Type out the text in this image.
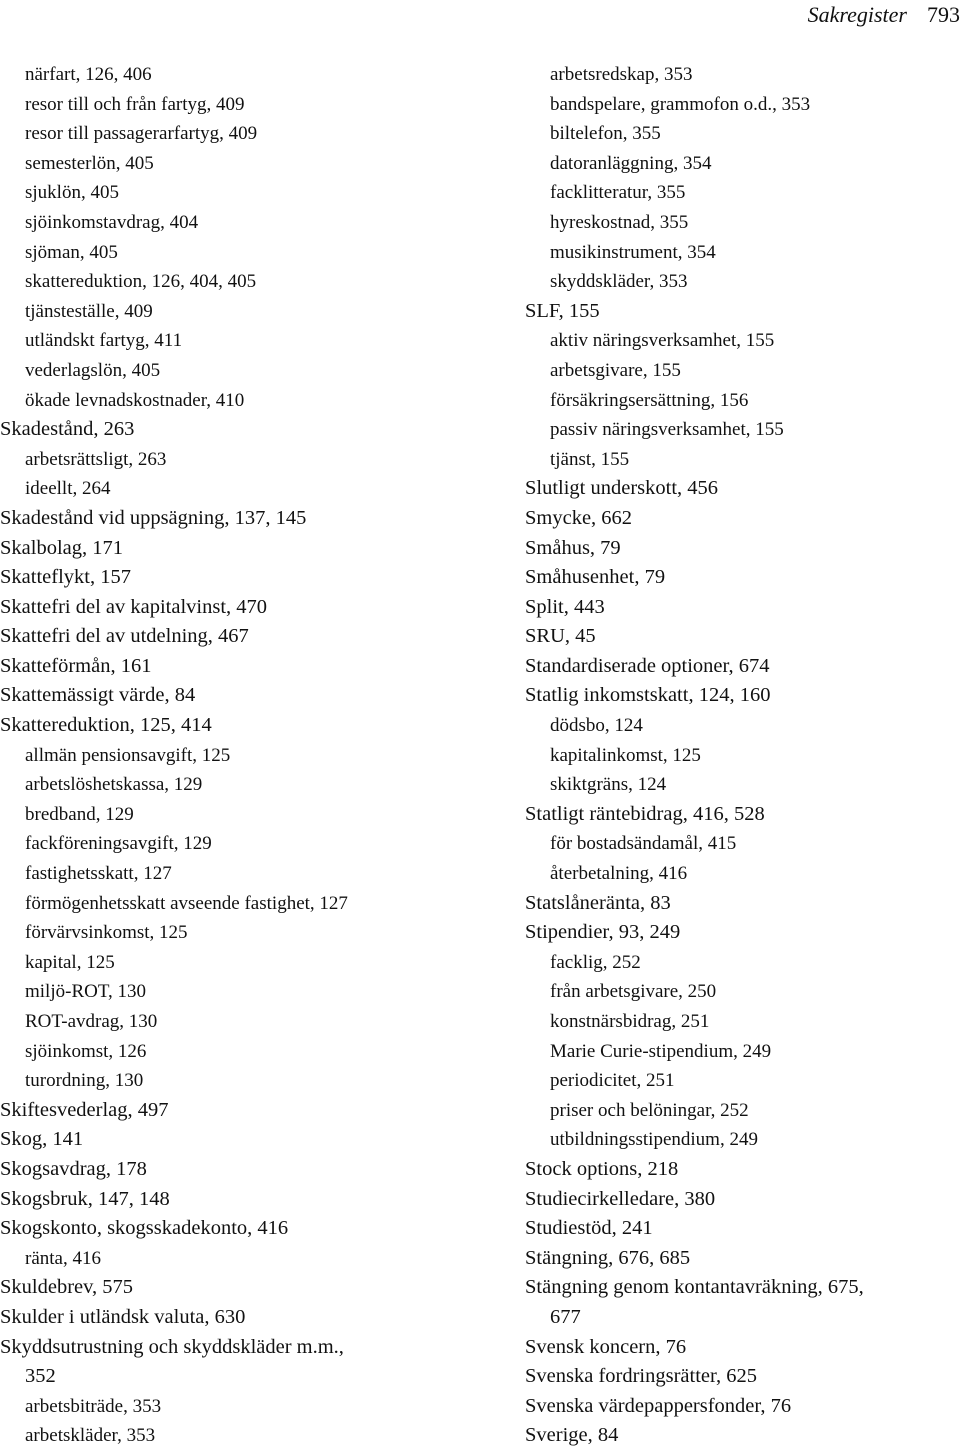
Sakregister 793
närfart, 126, 406
resor till och från fartyg, 409
resor till passagerarfartyg, 409
semesterlön, 405
sjuklön, 405
sjöinkomstavdrag, 404
sjöman, 405
skattereduktion, 126, 404, 405
tjänsteställe, 409
utländskt fartyg, 411
vederlagslön, 405
ökade levnadskostnader, 410
Skadestånd, 263
arbetsrättsligt, 263
ideellt, 264
Skadestånd vid uppsägning, 137, 145
Skalbolag, 171
Skatteflykt, 157
Skattefri del av kapitalvinst, 470
Skattefri del av utdelning, 467
Skatteförmån, 161
Skattemässigt värde, 84
Skattereduktion, 125, 414
allmän pensionsavgift, 125
arbetslöshetskassa, 129
bredband, 129
fackföreningsavgift, 129
fastighetsskatt, 127
förmögenhetsskatt avseende fastighet, 127
förvärvsinkomst, 125
kapital, 125
miljö-ROT, 130
ROT-avdrag, 130
sjöinkomst, 126
turordning, 130
Skiftesvederlag, 497
Skog, 141
Skogsavdrag, 178
Skogsbruk, 147, 148
Skogskonto, skogsskadekonto, 416
ränta, 416
Skuldebrev, 575
Skulder i utländsk valuta, 630
Skyddsutrustning och skyddskläder m.m.,
352
arbetsbiträde, 353
arbetskläder, 353
arbetsredskap, 353
bandspelare, grammofon o.d., 353
biltelefon, 355
datoranläggning, 354
facklitteratur, 355
hyreskostnad, 355
musikinstrument, 354
skyddskläder, 353
SLF, 155
aktiv näringsverksamhet, 155
arbetsgivare, 155
försäkringsersättning, 156
passiv näringsverksamhet, 155
tjänst, 155
Slutligt underskott, 456
Smycke, 662
Småhus, 79
Småhusenhet, 79
Split, 443
SRU, 45
Standardiserade optioner, 674
Statlig inkomstskatt, 124, 160
dödsbo, 124
kapitalinkomst, 125
skiktgräns, 124
Statligt räntebidrag, 416, 528
för bostadsändamål, 415
återbetalning, 416
Statslåneränta, 83
Stipendier, 93, 249
facklig, 252
från arbetsgivare, 250
konstnärsbidrag, 251
Marie Curie-stipendium, 249
periodicitet, 251
priser och belöningar, 252
utbildningsstipendium, 249
Stock options, 218
Studiecirkelledare, 380
Studiestöd, 241
Stängning, 676, 685
Stängning genom kontantavräkning, 675,
677
Svensk koncern, 76
Svenska fordringsrätter, 625
Svenska värdepappersfonder, 76
Sverige, 84
